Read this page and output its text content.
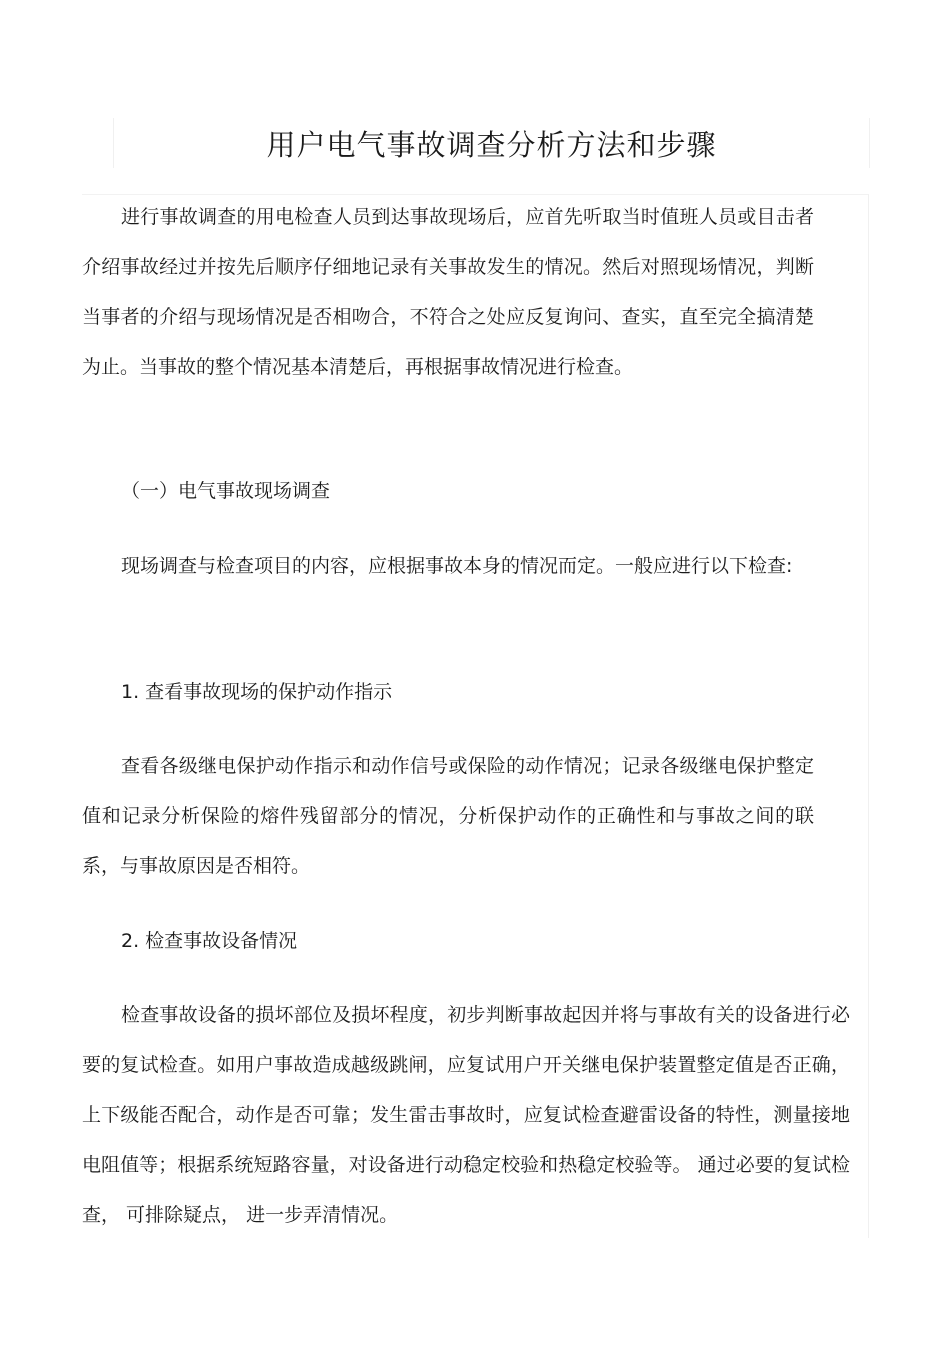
用户电气事故调查分析方法和步骤

进行事故调查的用电检查人员到达事故现场后，应首先听取当时值班人员或目击者介绍事故经过并按先后顺序仔细地记录有关事故发生的情况。然后对照现场情况，判断当事者的介绍与现场情况是否相吻合，不符合之处应反复询问、查实，直至完全搞清楚为止。当事故的整个情况基本清楚后，再根据事故情况进行检查。

（一）电气事故现场调查

现场调查与检查项目的内容，应根据事故本身的情况而定。一般应进行以下检查:

1. 查看事故现场的保护动作指示

查看各级继电保护动作指示和动作信号或保险的动作情况；记录各级继电保护整定值和记录分析保险的熔件残留部分的情况，分析保护动作的正确性和与事故之间的联系，与事故原因是否相符。

2. 检查事故设备情况

检查事故设备的损坏部位及损坏程度，初步判断事故起因并将与事故有关的设备进行必要的复试检查。如用户事故造成越级跳闸，应复试用户开关继电保护装置整定值是否正确，上下级能否配合，动作是否可靠；发生雷击事故时，应复试检查避雷设备的特性，测量接地电阻值等；根据系统短路容量，对设备进行动稳定校验和热稳定校验等。 通过必要的复试检查， 可排除疑点， 进一步弄清情况。
